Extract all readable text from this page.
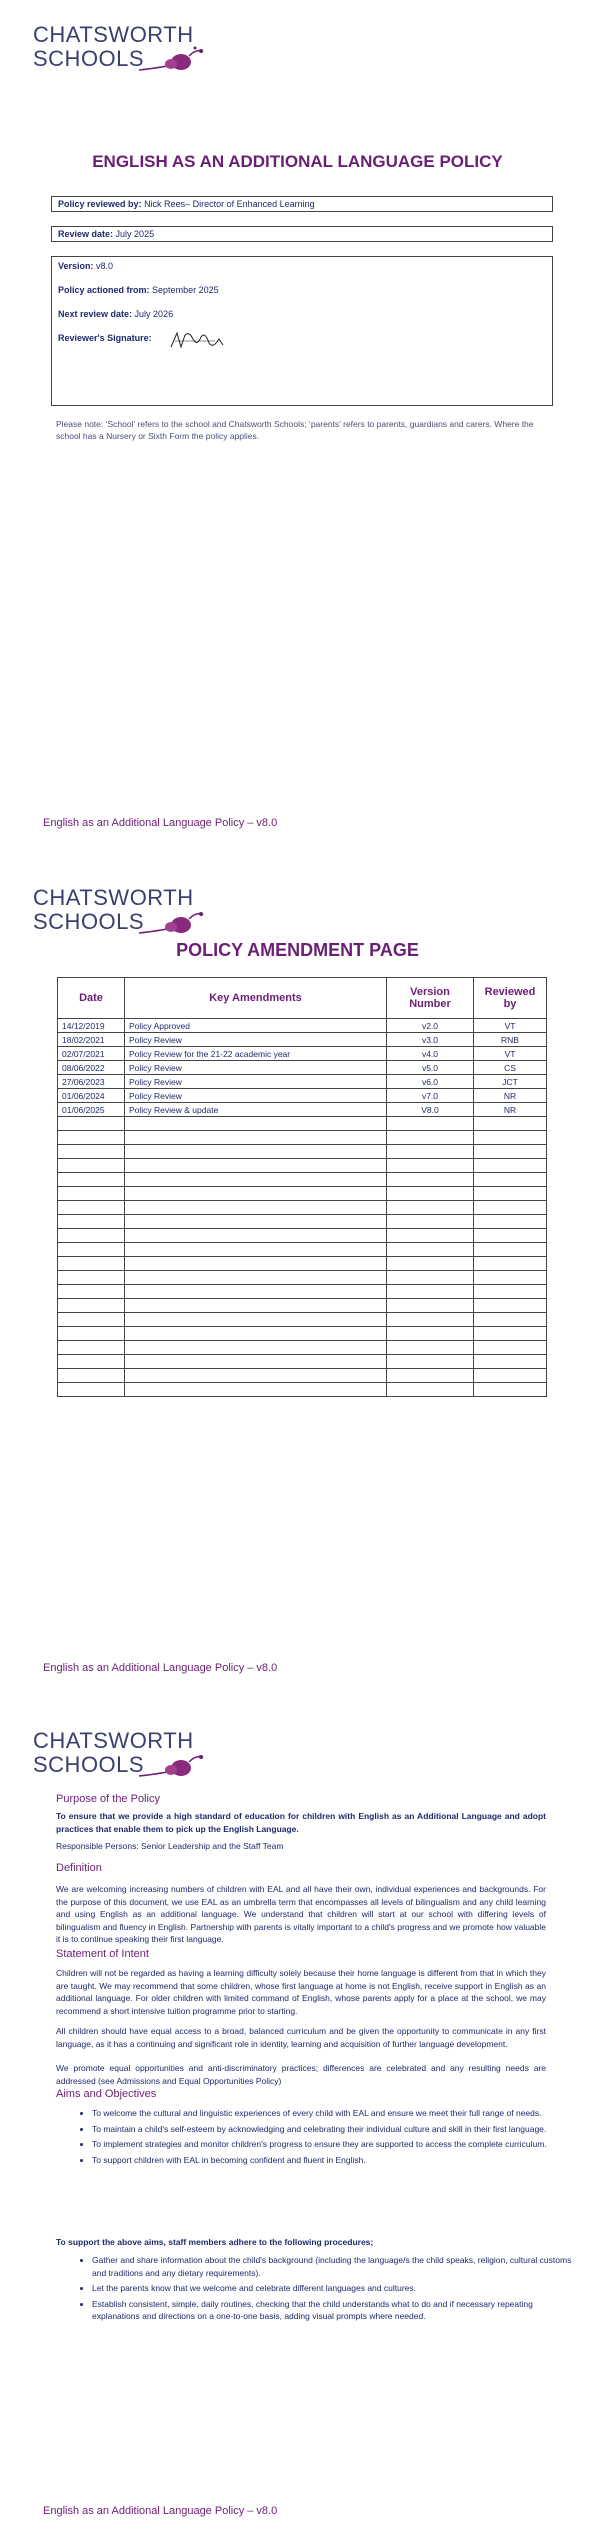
CHATSWORTH
SCHOOLS
ENGLISH AS AN ADDITIONAL LANGUAGE POLICY
Policy reviewed by: Nick Rees– Director of Enhanced Learning
Review date: July 2025
Version: v8.0
Policy actioned from: September 2025
Next review date: July 2026
Reviewer's Signature:
Please note: ‘School’ refers to the school and Chatsworth Schools; ‘parents’ refers to parents, guardians and carers. Where the school has a Nursery or Sixth Form the policy applies.
English as an Additional Language Policy – v8.0
CHATSWORTH
SCHOOLS
POLICY AMENDMENT PAGE
Date	Key Amendments	Version Number	Reviewed by
14/12/2019	Policy Approved	v2.0	VT
18/02/2021	Policy Review	v3.0	RNB
02/07/2021	Policy Review for the 21-22 academic year	v4.0	VT
08/06/2022	Policy Review	v5.0	CS
27/06/2023	Policy Review	v6.0	JCT
01/06/2024	Policy Review	v7.0	NR
01/06/2025	Policy Review & update	V8.0	NR

English as an Additional Language Policy – v8.0
CHATSWORTH
SCHOOLS
Purpose of the Policy
To ensure that we provide a high standard of education for children with English as an Additional Language and adopt practices that enable them to pick up the English Language.
Responsible Persons: Senior Leadership and the Staff Team
Definition
We are welcoming increasing numbers of children with EAL and all have their own, individual experiences and backgrounds. For the purpose of this document, we use EAL as an umbrella term that encompasses all levels of bilingualism and any child learning and using English as an additional language. We understand that children will start at our school with differing levels of bilingualism and fluency in English. Partnership with parents is vitally important to a child's progress and we promote how valuable it is to continue speaking their first language.
Statement of Intent
Children will not be regarded as having a learning difficulty solely because their home language is different from that in which they are taught. We may recommend that some children, whose first language at home is not English, receive support in English as an additional language. For older children with limited command of English, whose parents apply for a place at the school, we may recommend a short intensive tuition programme prior to starting.
All children should have equal access to a broad, balanced curriculum and be given the opportunity to communicate in any first language, as it has a continuing and significant role in identity, learning and acquisition of further language development.
We promote equal opportunities and anti-discriminatory practices; differences are celebrated and any resulting needs are addressed (see Admissions and Equal Opportunities Policy)
Aims and Objectives
• To welcome the cultural and linguistic experiences of every child with EAL and ensure we meet their full range of needs.
• To maintain a child's self-esteem by acknowledging and celebrating their individual culture and skill in their first language.
• To implement strategies and monitor children's progress to ensure they are supported to access the complete curriculum.
• To support children with EAL in becoming confident and fluent in English.
To support the above aims, staff members adhere to the following procedures;
• Gather and share information about the child's background (including the language/s the child speaks, religion, cultural customs and traditions and any dietary requirements).
• Let the parents know that we welcome and celebrate different languages and cultures.
• Establish consistent, simple, daily routines, checking that the child understands what to do and if necessary repeating explanations and directions on a one-to-one basis, adding visual prompts where needed.
English as an Additional Language Policy – v8.0
